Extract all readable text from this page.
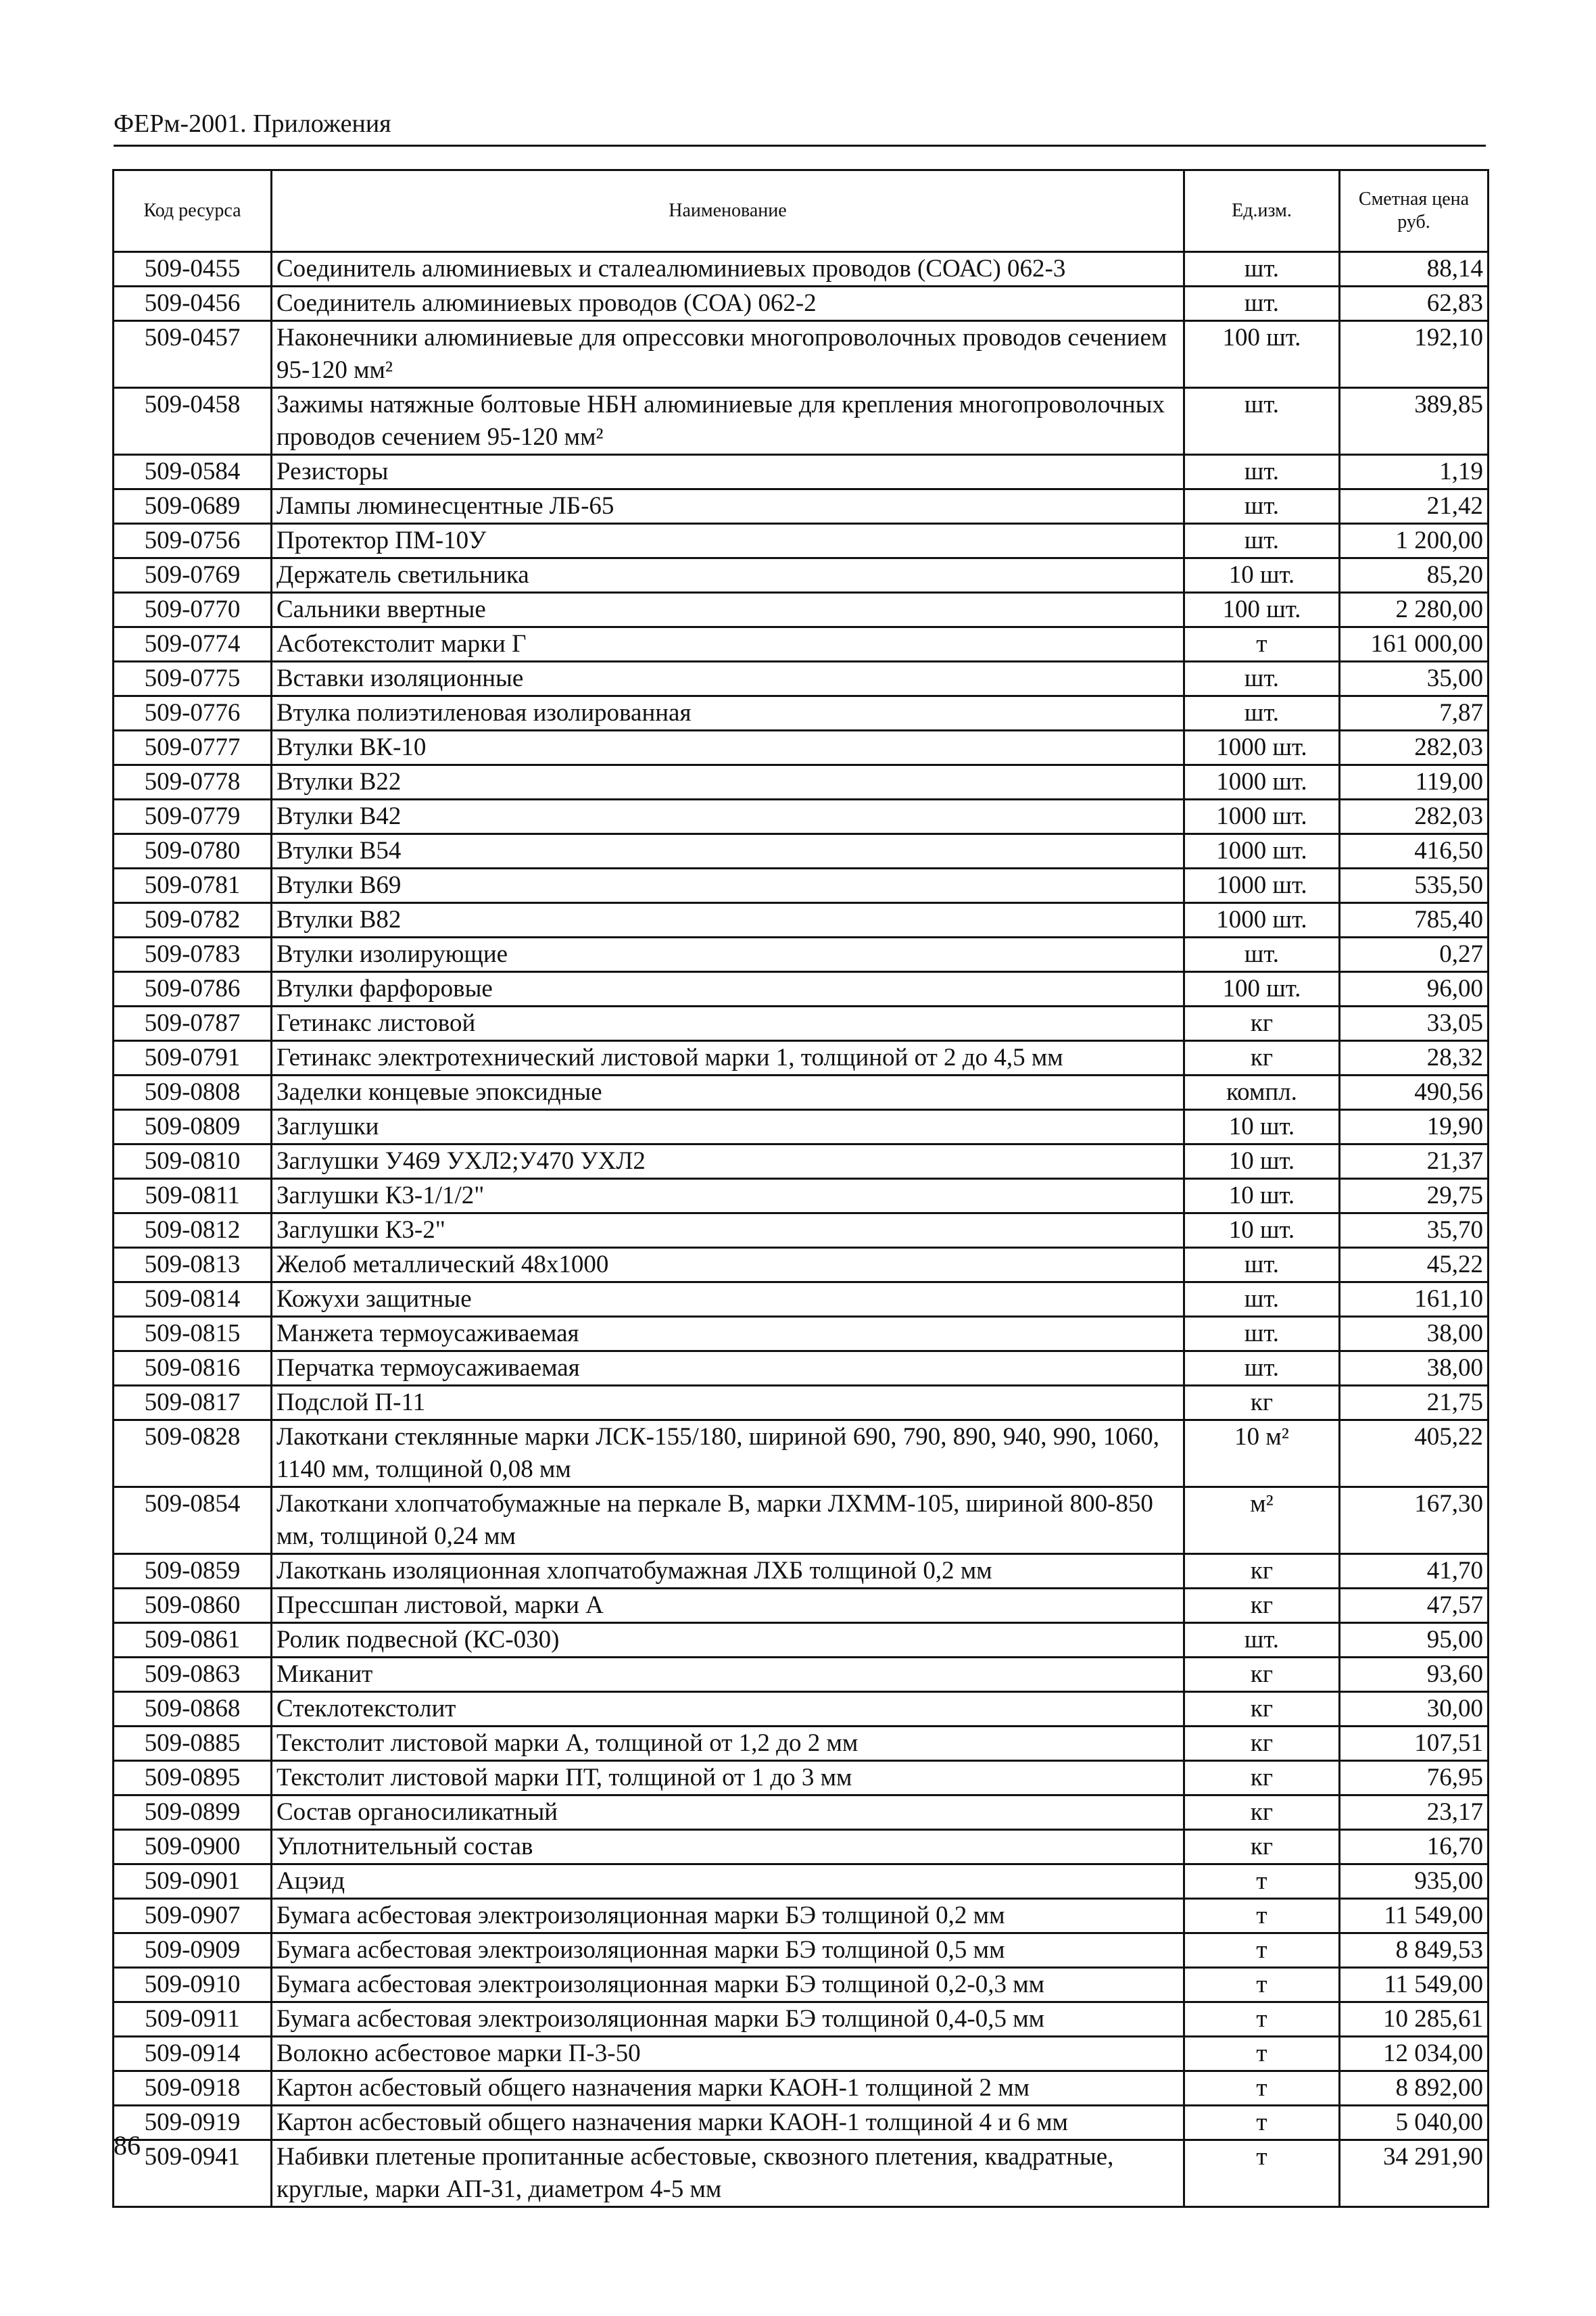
ФЕРм-2001. Приложения
Код ресурса	Наименование	Ед.изм.	Сметная цена руб.
509-0455	Соединитель алюминиевых и сталеалюминиевых проводов (СОАС) 062-3	шт.	88,14
509-0456	Соединитель алюминиевых проводов (СОА) 062-2	шт.	62,83
509-0457	Наконечники алюминиевые для опрессовки многопроволочных проводов сечением 95-120 мм²	100 шт.	192,10
509-0458	Зажимы натяжные болтовые НБН алюминиевые для крепления многопроволочных проводов сечением 95-120 мм²	шт.	389,85
509-0584	Резисторы	шт.	1,19
509-0689	Лампы люминесцентные ЛБ-65	шт.	21,42
509-0756	Протектор ПМ-10У	шт.	1 200,00
509-0769	Держатель светильника	10 шт.	85,20
509-0770	Сальники ввертные	100 шт.	2 280,00
509-0774	Асботекстолит марки Г	т	161 000,00
509-0775	Вставки изоляционные	шт.	35,00
509-0776	Втулка полиэтиленовая изолированная	шт.	7,87
509-0777	Втулки ВК-10	1000 шт.	282,03
509-0778	Втулки В22	1000 шт.	119,00
509-0779	Втулки В42	1000 шт.	282,03
509-0780	Втулки В54	1000 шт.	416,50
509-0781	Втулки В69	1000 шт.	535,50
509-0782	Втулки В82	1000 шт.	785,40
509-0783	Втулки изолирующие	шт.	0,27
509-0786	Втулки фарфоровые	100 шт.	96,00
509-0787	Гетинакс листовой	кг	33,05
509-0791	Гетинакс электротехнический листовой марки 1, толщиной от 2 до 4,5 мм	кг	28,32
509-0808	Заделки концевые эпоксидные	компл.	490,56
509-0809	Заглушки	10 шт.	19,90
509-0810	Заглушки У469 УХЛ2;У470 УХЛ2	10 шт.	21,37
509-0811	Заглушки К3-1/1/2"	10 шт.	29,75
509-0812	Заглушки К3-2"	10 шт.	35,70
509-0813	Желоб металлический 48х1000	шт.	45,22
509-0814	Кожухи защитные	шт.	161,10
509-0815	Манжета термоусаживаемая	шт.	38,00
509-0816	Перчатка термоусаживаемая	шт.	38,00
509-0817	Подслой П-11	кг	21,75
509-0828	Лакоткани стеклянные марки ЛСК-155/180, шириной 690, 790, 890, 940, 990, 1060, 1140 мм, толщиной 0,08 мм	10 м²	405,22
509-0854	Лакоткани хлопчатобумажные на перкале В, марки ЛХММ-105, шириной 800-850 мм, толщиной 0,24 мм	м²	167,30
509-0859	Лакоткань изоляционная хлопчатобумажная ЛХБ толщиной 0,2 мм	кг	41,70
509-0860	Прессшпан листовой, марки А	кг	47,57
509-0861	Ролик подвесной (КС-030)	шт.	95,00
509-0863	Миканит	кг	93,60
509-0868	Стеклотекстолит	кг	30,00
509-0885	Текстолит листовой марки А, толщиной от 1,2 до 2 мм	кг	107,51
509-0895	Текстолит листовой марки ПТ, толщиной от 1 до 3 мм	кг	76,95
509-0899	Состав органосиликатный	кг	23,17
509-0900	Уплотнительный состав	кг	16,70
509-0901	Ацэид	т	935,00
509-0907	Бумага асбестовая электроизоляционная марки БЭ толщиной 0,2 мм	т	11 549,00
509-0909	Бумага асбестовая электроизоляционная марки БЭ толщиной 0,5 мм	т	8 849,53
509-0910	Бумага асбестовая электроизоляционная марки БЭ толщиной 0,2-0,3 мм	т	11 549,00
509-0911	Бумага асбестовая электроизоляционная марки БЭ толщиной 0,4-0,5 мм	т	10 285,61
509-0914	Волокно асбестовое марки П-3-50	т	12 034,00
509-0918	Картон асбестовый общего назначения марки КАОН-1 толщиной 2 мм	т	8 892,00
509-0919	Картон асбестовый общего назначения марки КАОН-1 толщиной 4 и 6 мм	т	5 040,00
509-0941	Набивки плетеные пропитанные асбестовые, сквозного плетения, квадратные, круглые, марки АП-31, диаметром 4-5 мм	т	34 291,90
86
